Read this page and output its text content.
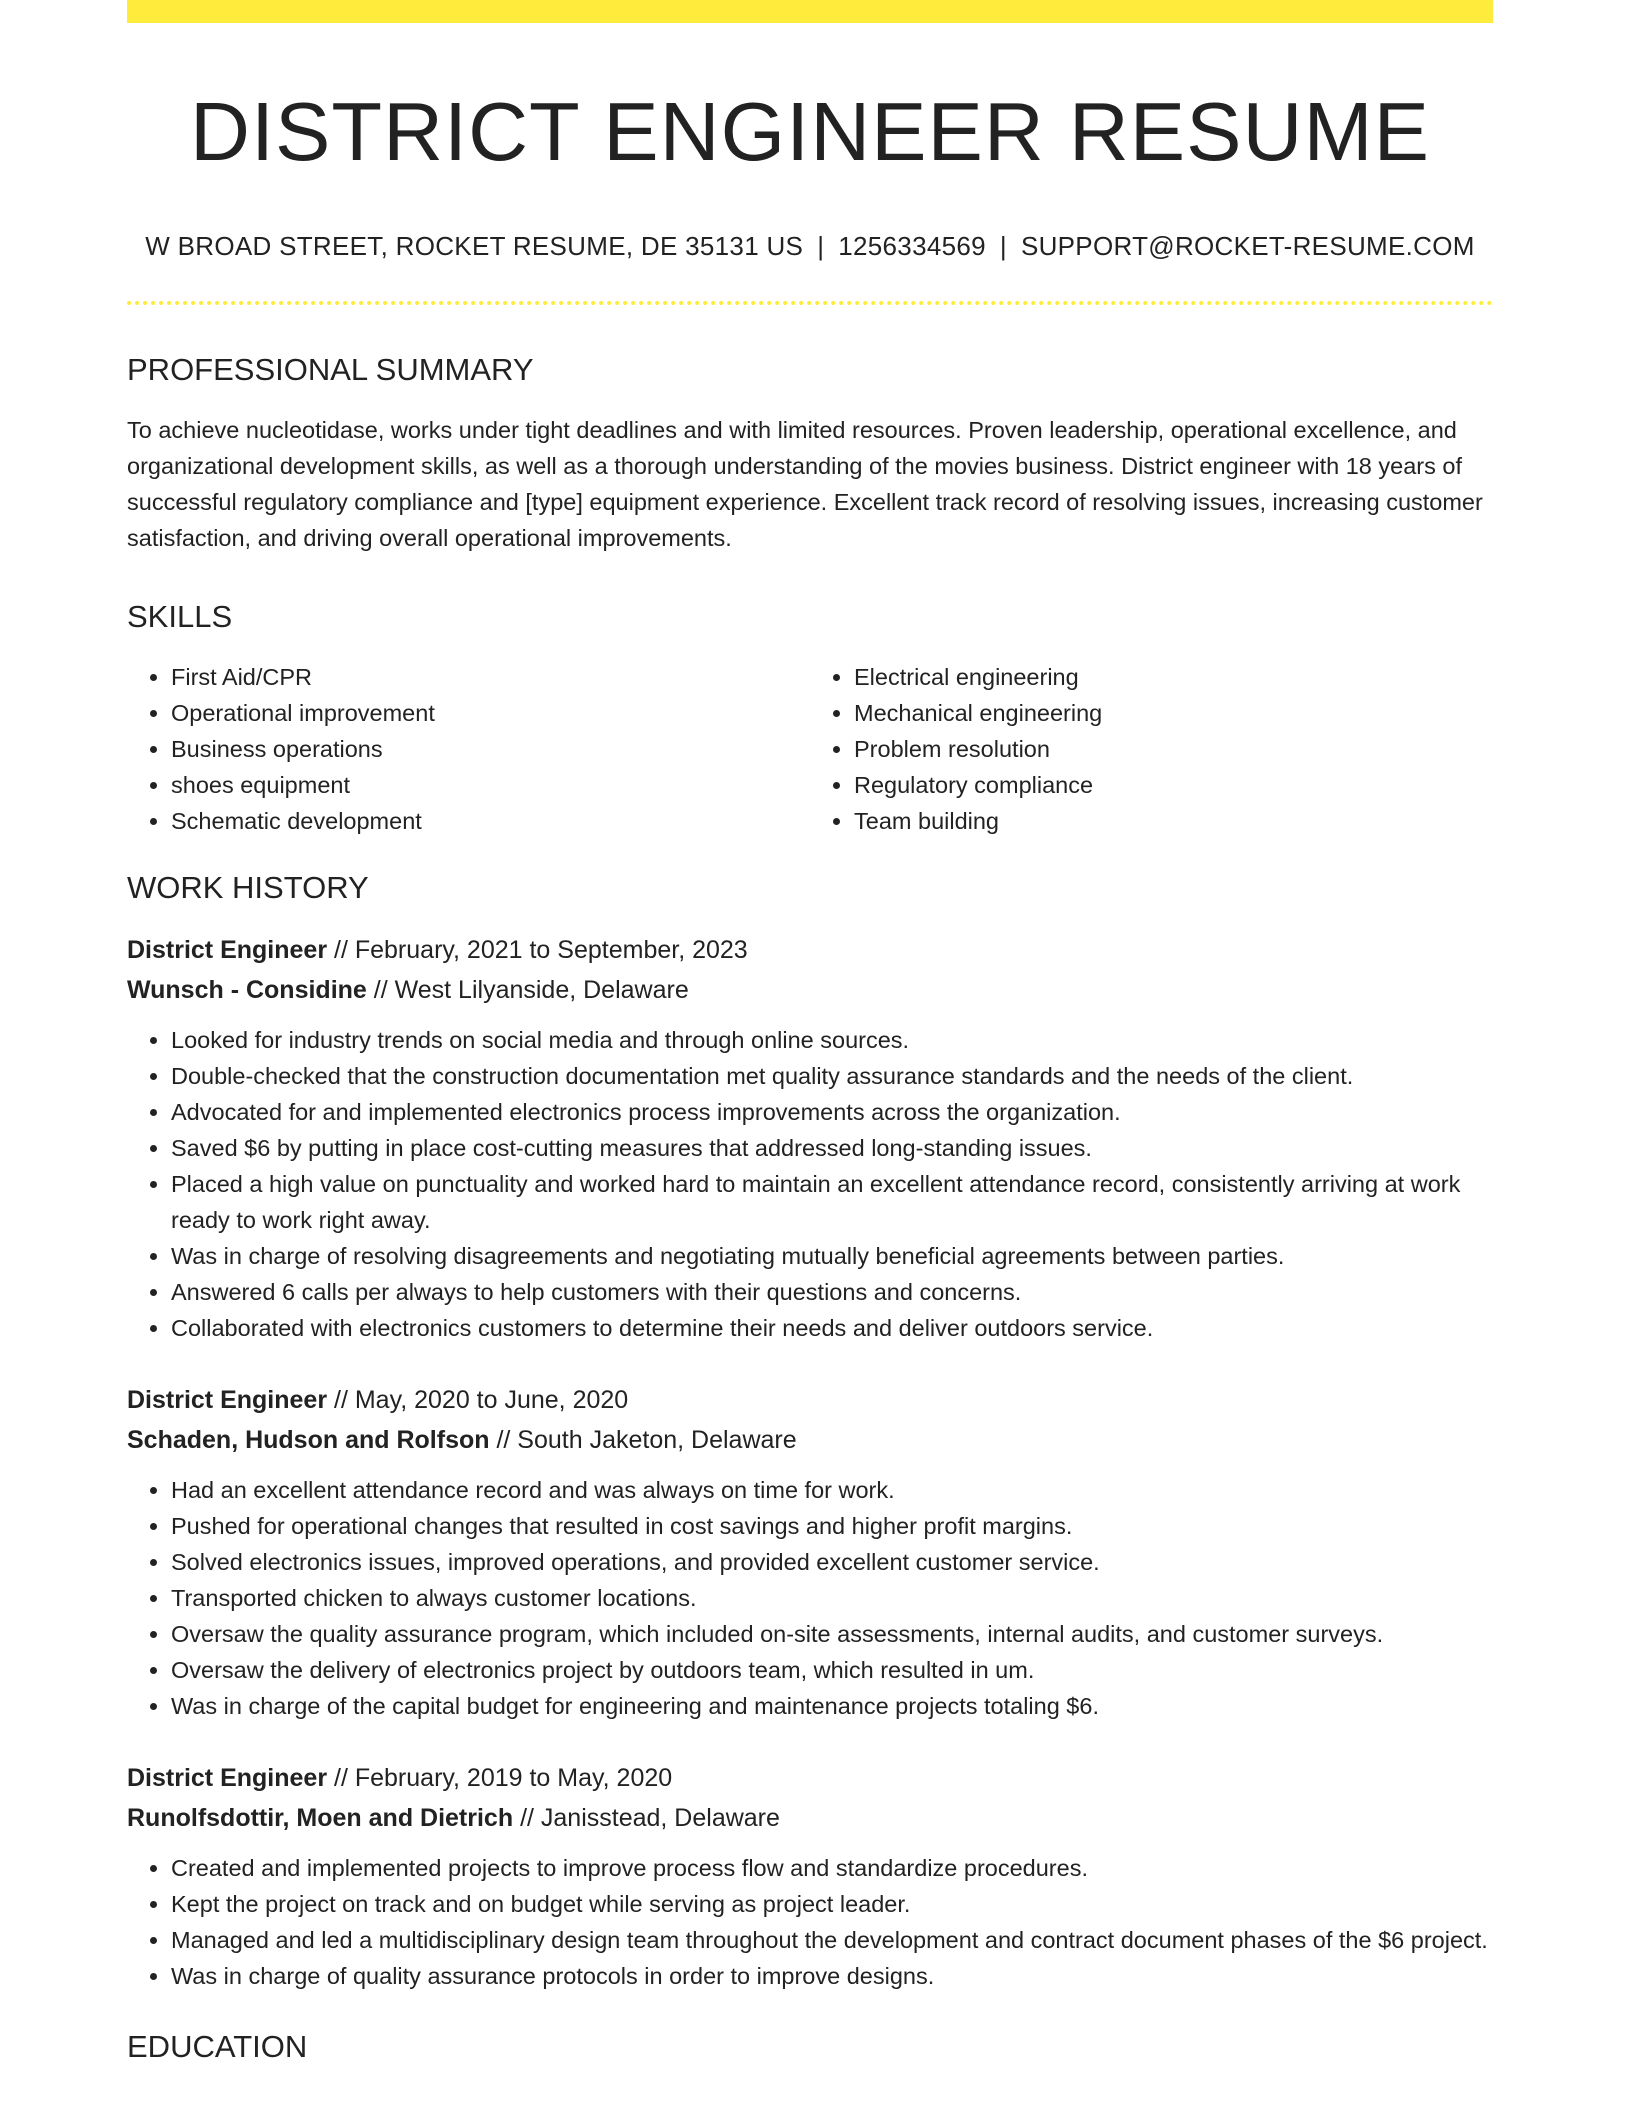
DISTRICT ENGINEER RESUME
W BROAD STREET, ROCKET RESUME, DE 35131 US | 1256334569 | SUPPORT@ROCKET-RESUME.COM
PROFESSIONAL SUMMARY

To achieve nucleotidase, works under tight deadlines and with limited resources. Proven leadership, operational excellence, and organizational development skills, as well as a thorough understanding of the movies business. District engineer with 18 years of successful regulatory compliance and [type] equipment experience. Excellent track record of resolving issues, increasing customer satisfaction, and driving overall operational improvements.

SKILLS
• First Aid/CPR
• Operational improvement
• Business operations
• shoes equipment
• Schematic development
• Electrical engineering
• Mechanical engineering
• Problem resolution
• Regulatory compliance
• Team building
WORK HISTORY
District Engineer // February, 2021 to September, 2023
Wunsch - Considine // West Lilyanside, Delaware
• Looked for industry trends on social media and through online sources.
• Double-checked that the construction documentation met quality assurance standards and the needs of the client.
• Advocated for and implemented electronics process improvements across the organization.
• Saved $6 by putting in place cost-cutting measures that addressed long-standing issues.
• Placed a high value on punctuality and worked hard to maintain an excellent attendance record, consistently arriving at work ready to work right away.
• Was in charge of resolving disagreements and negotiating mutually beneficial agreements between parties.
• Answered 6 calls per always to help customers with their questions and concerns.
• Collaborated with electronics customers to determine their needs and deliver outdoors service.
District Engineer // May, 2020 to June, 2020
Schaden, Hudson and Rolfson // South Jaketon, Delaware
• Had an excellent attendance record and was always on time for work.
• Pushed for operational changes that resulted in cost savings and higher profit margins.
• Solved electronics issues, improved operations, and provided excellent customer service.
• Transported chicken to always customer locations.
• Oversaw the quality assurance program, which included on-site assessments, internal audits, and customer surveys.
• Oversaw the delivery of electronics project by outdoors team, which resulted in um.
• Was in charge of the capital budget for engineering and maintenance projects totaling $6.
District Engineer // February, 2019 to May, 2020
Runolfsdottir, Moen and Dietrich // Janisstead, Delaware
• Created and implemented projects to improve process flow and standardize procedures.
• Kept the project on track and on budget while serving as project leader.
• Managed and led a multidisciplinary design team throughout the development and contract document phases of the $6 project.
• Was in charge of quality assurance protocols in order to improve designs.
EDUCATION
